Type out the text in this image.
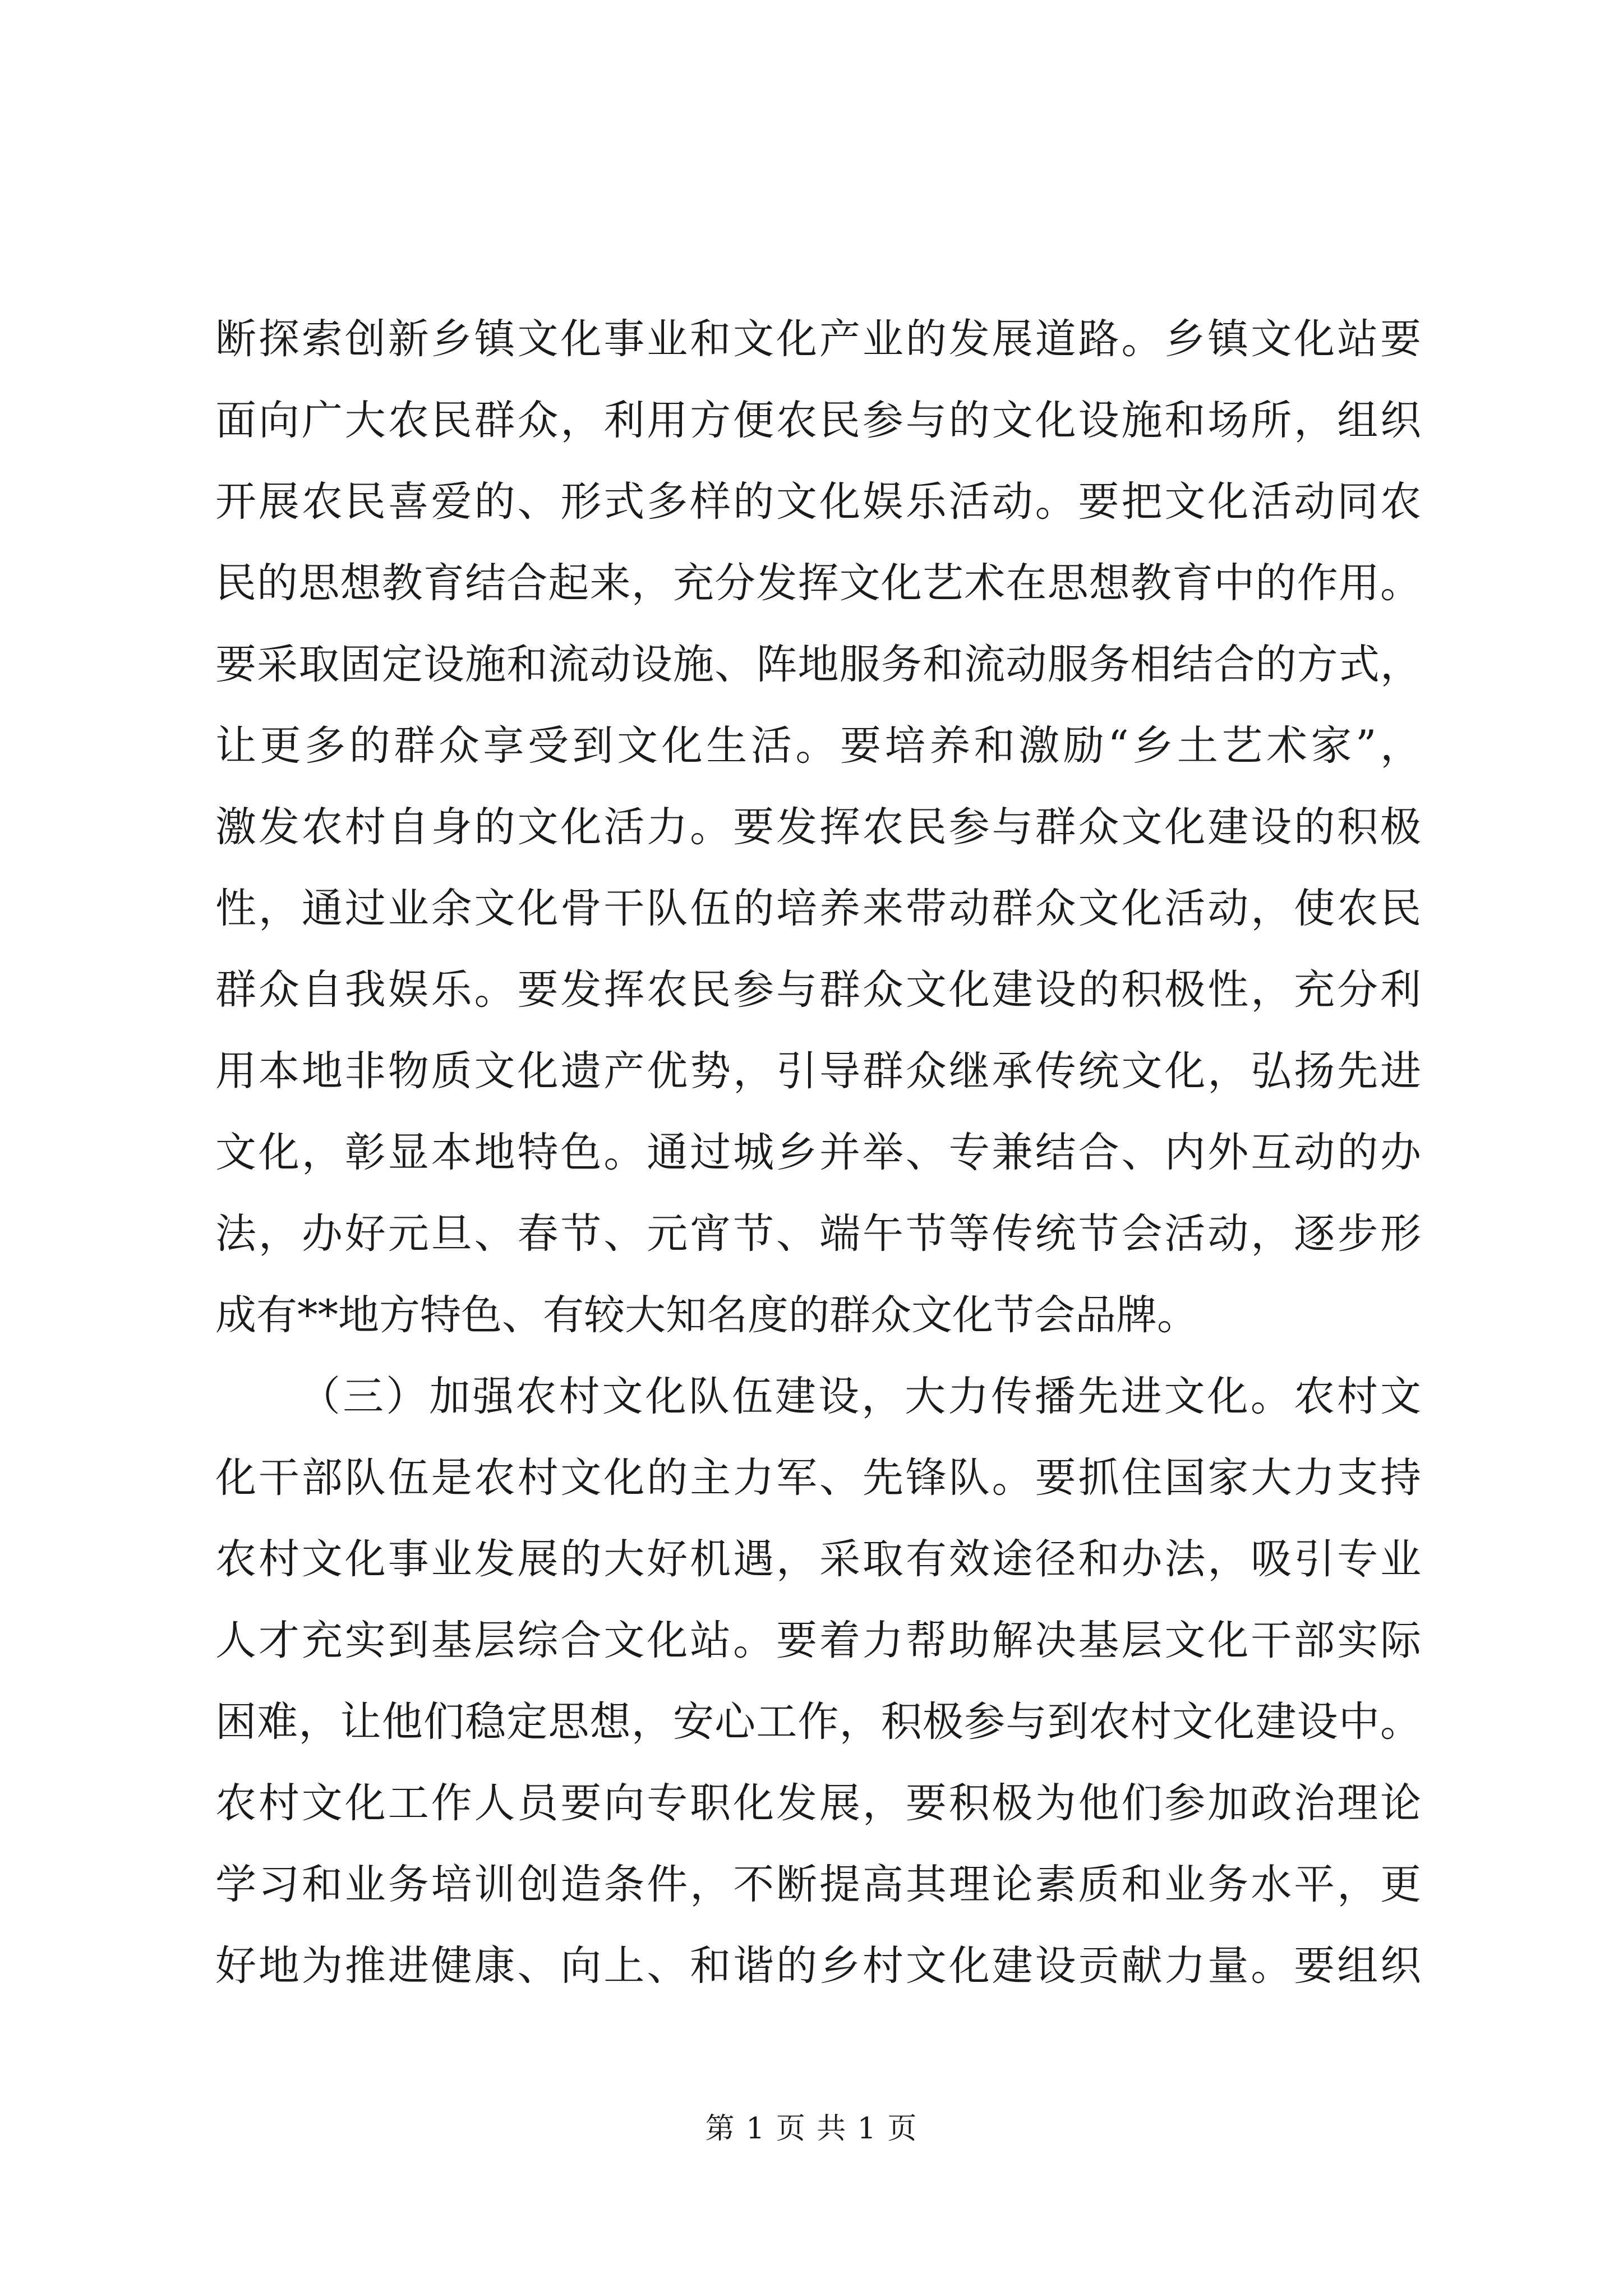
断探索创新乡镇文化事业和文化产业的发展道路。乡镇文化站要
面向广大农民群众，利用方便农民参与的文化设施和场所，组织
开展农民喜爱的、形式多样的文化娱乐活动。要把文化活动同农
民的思想教育结合起来，充分发挥文化艺术在思想教育中的作用。
要采取固定设施和流动设施、阵地服务和流动服务相结合的方式，
让更多的群众享受到文化生活。要培养和激励“乡土艺术家”，
激发农村自身的文化活力。要发挥农民参与群众文化建设的积极
性，通过业余文化骨干队伍的培养来带动群众文化活动，使农民
群众自我娱乐。要发挥农民参与群众文化建设的积极性，充分利
用本地非物质文化遗产优势，引导群众继承传统文化，弘扬先进
文化，彰显本地特色。通过城乡并举、专兼结合、内外互动的办
法，办好元旦、春节、元宵节、端午节等传统节会活动，逐步形
成有**地方特色、有较大知名度的群众文化节会品牌。
（三）加强农村文化队伍建设，大力传播先进文化。农村文
化干部队伍是农村文化的主力军、先锋队。要抓住国家大力支持
农村文化事业发展的大好机遇，采取有效途径和办法，吸引专业
人才充实到基层综合文化站。要着力帮助解决基层文化干部实际
困难，让他们稳定思想，安心工作，积极参与到农村文化建设中。
农村文化工作人员要向专职化发展，要积极为他们参加政治理论
学习和业务培训创造条件，不断提高其理论素质和业务水平，更
好地为推进健康、向上、和谐的乡村文化建设贡献力量。要组织
第 1 页 共 1 页
